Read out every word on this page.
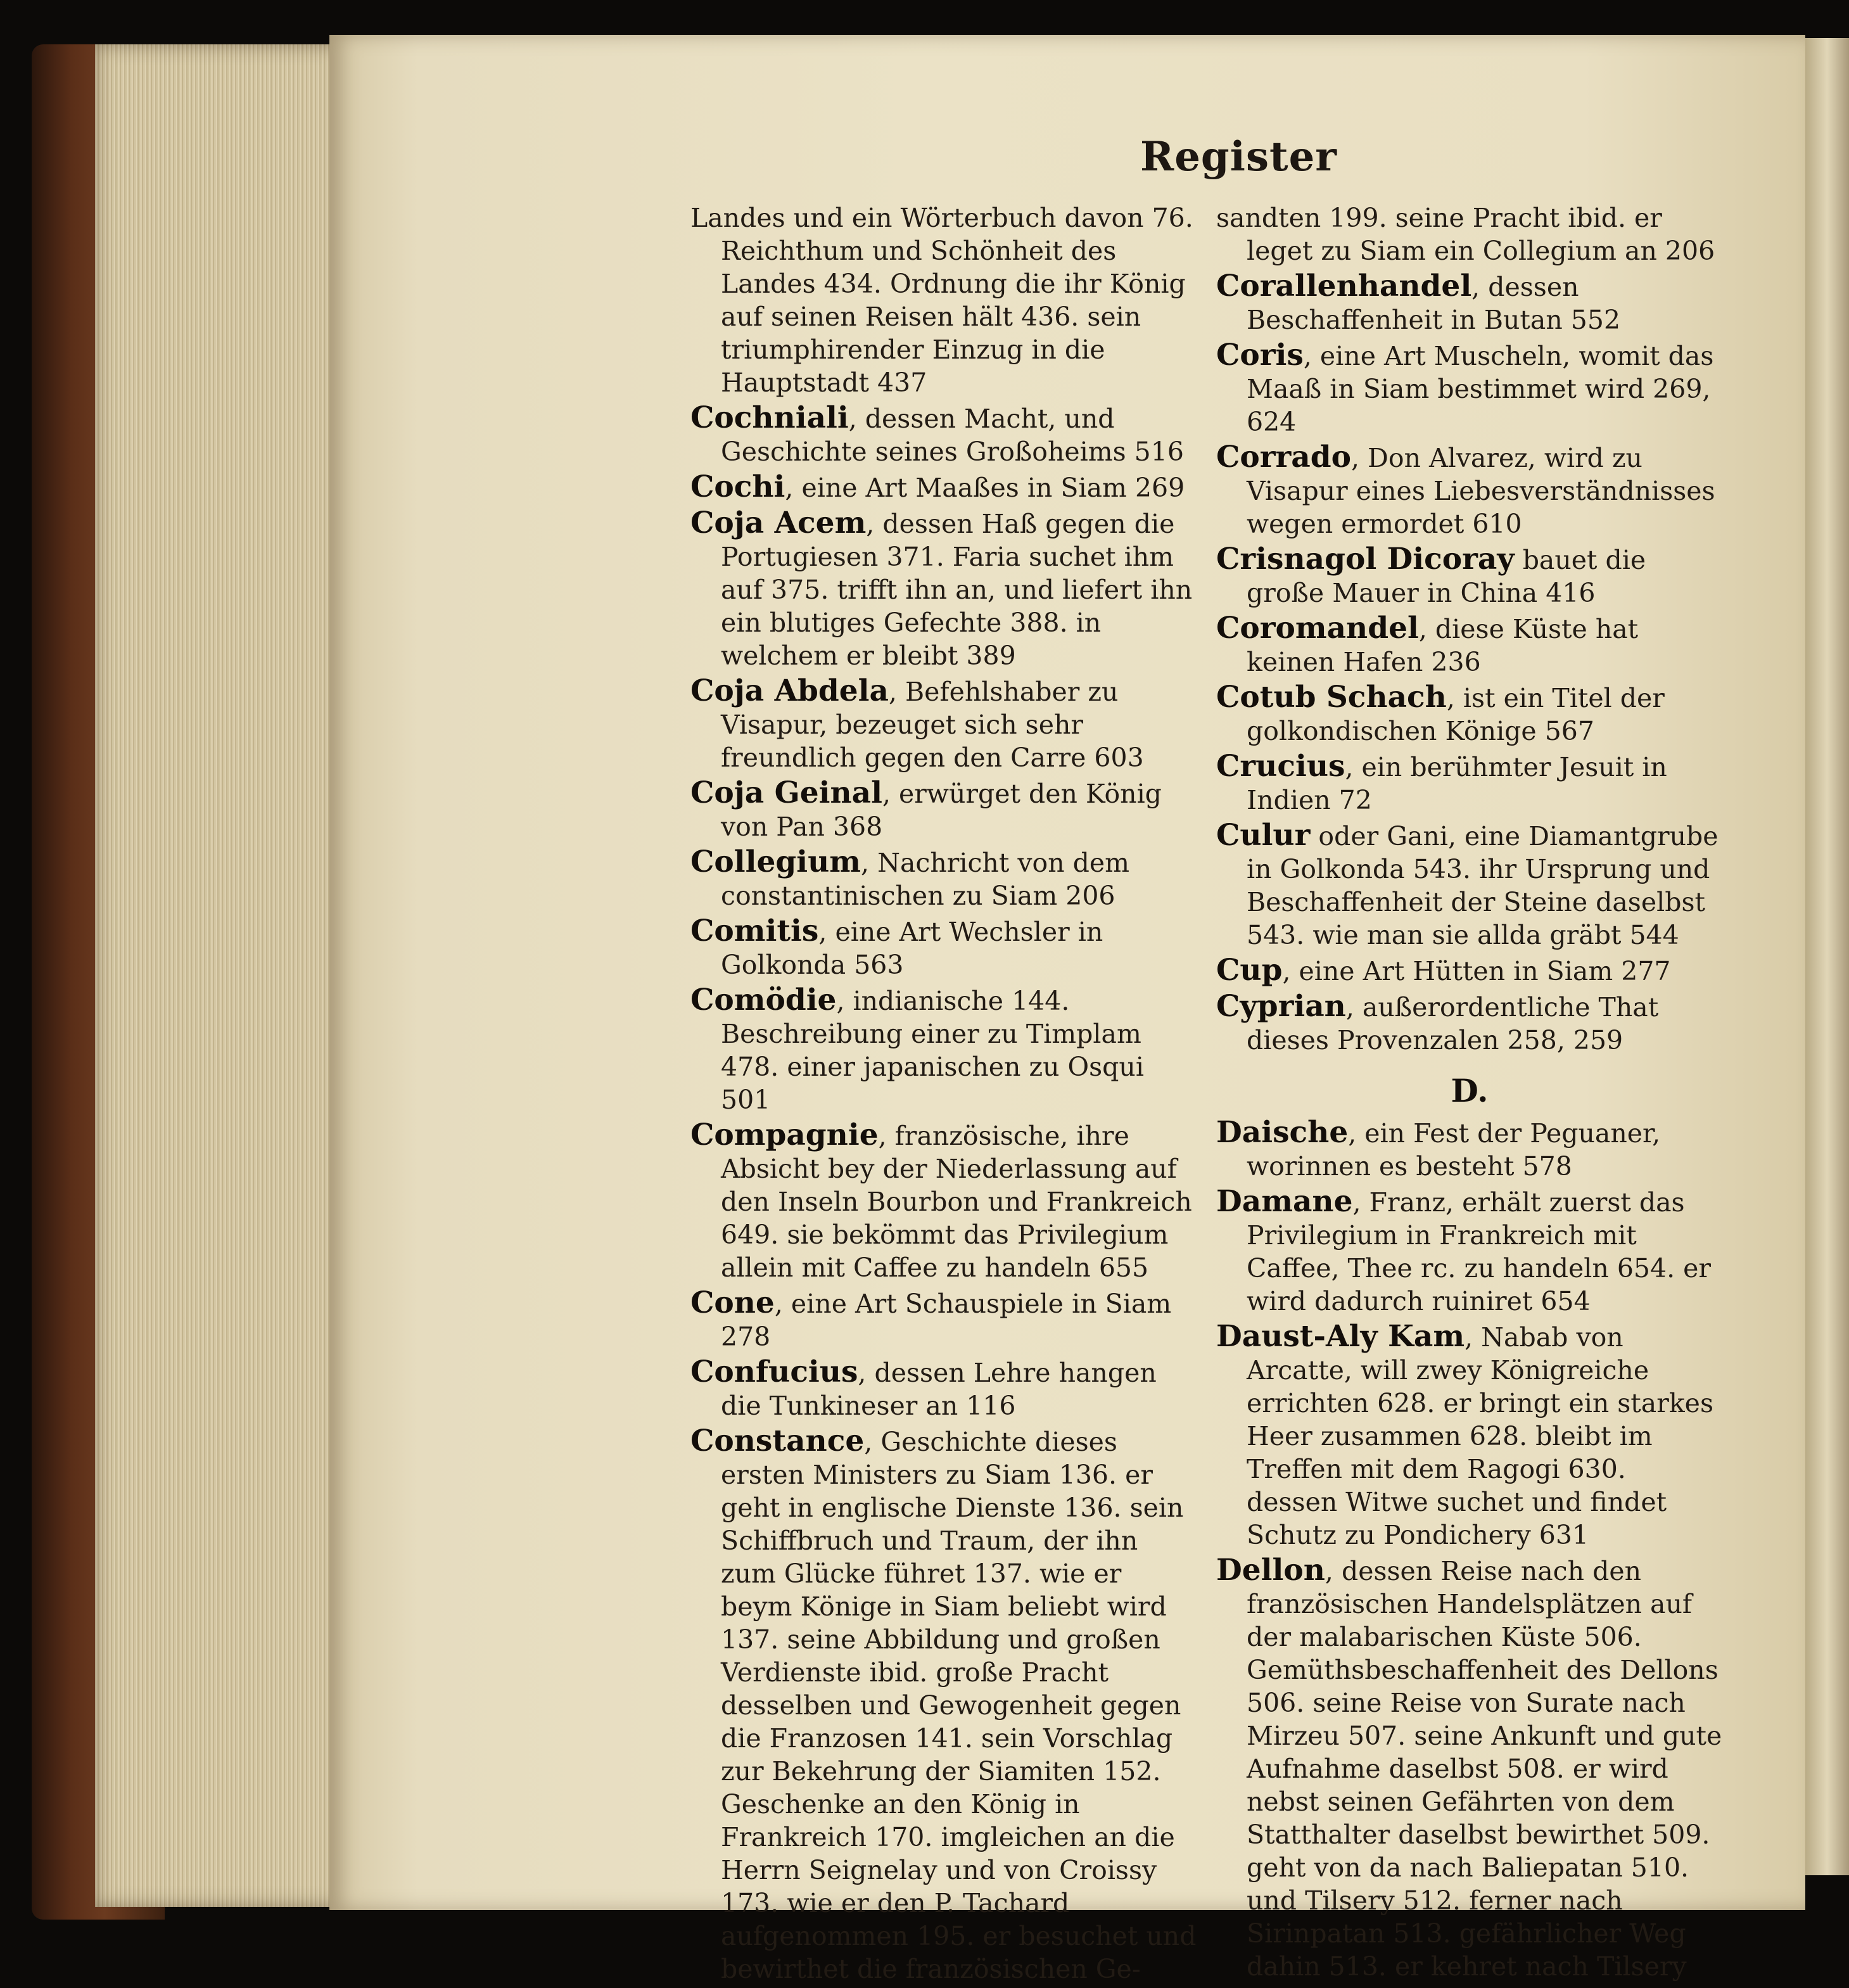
Register
Landes und ein Wörterbuch davon 76. Reichthum und Schönheit des Landes 434. Ordnung die ihr König auf seinen Reisen hält 436. sein triumphirender Einzug in die Hauptstadt 437
Cochniali, dessen Macht, und Geschichte seines Großoheims 516
Cochi, eine Art Maaßes in Siam 269
Coja Acem, dessen Haß gegen die Portugiesen 371. Faria suchet ihm auf 375. trifft ihn an, und liefert ihn ein blutiges Gefechte 388. in welchem er bleibt 389
Coja Abdela, Befehlshaber zu Visapur, bezeuget sich sehr freundlich gegen den Carre 603
Coja Geinal, erwürget den König von Pan 368
Collegium, Nachricht von dem constantinischen zu Siam 206
Comitis, eine Art Wechsler in Golkonda 563
Comödie, indianische 144. Beschreibung einer zu Timplam 478. einer japanischen zu Osqui 501
Compagnie, französische, ihre Absicht bey der Niederlassung auf den Inseln Bourbon und Frankreich 649. sie bekömmt das Privilegium allein mit Caffee zu handeln 655
Cone, eine Art Schauspiele in Siam 278
Confucius, dessen Lehre hangen die Tunkineser an 116
Constance, Geschichte dieses ersten Ministers zu Siam 136. er geht in englische Dienste 136. sein Schiffbruch und Traum, der ihn zum Glücke führet 137. wie er beym Könige in Siam beliebt wird 137. seine Abbildung und großen Verdienste ibid. große Pracht desselben und Gewogenheit gegen die Franzosen 141. sein Vorschlag zur Bekehrung der Siamiten 152. Geschenke an den König in Frankreich 170. imgleichen an die Herrn Seignelay und von Croissy 173. wie er den P. Tachard aufgenommen 195. er besuchet und bewirthet die französischen Ge-
sandten 199. seine Pracht ibid. er leget zu Siam ein Collegium an 206
Corallenhandel, dessen Beschaffenheit in Butan 552
Coris, eine Art Muscheln, womit das Maaß in Siam bestimmet wird 269, 624
Corrado, Don Alvarez, wird zu Visapur eines Liebesverständnisses wegen ermordet 610
Crisnagol Dicoray bauet die große Mauer in China 416
Coromandel, diese Küste hat keinen Hafen 236
Cotub Schach, ist ein Titel der golkondischen Könige 567
Crucius, ein berühmter Jesuit in Indien 72
Culur oder Gani, eine Diamantgrube in Golkonda 543. ihr Ursprung und Beschaffenheit der Steine daselbst 543. wie man sie allda gräbt 544
Cup, eine Art Hütten in Siam 277
Cyprian, außerordentliche That dieses Provenzalen 258, 259
D.
Daische, ein Fest der Peguaner, worinnen es besteht 578
Damane, Franz, erhält zuerst das Privilegium in Frankreich mit Caffee, Thee rc. zu handeln 654. er wird dadurch ruiniret 654
Daust-Aly Kam, Nabab von Arcatte, will zwey Königreiche errichten 628. er bringt ein starkes Heer zusammen 628. bleibt im Treffen mit dem Ragogi 630. dessen Witwe suchet und findet Schutz zu Pondichery 631
Dellon, dessen Reise nach den französischen Handelsplätzen auf der malabarischen Küste 506. Gemüthsbeschaffenheit des Dellons 506. seine Reise von Surate nach Mirzeu 507. seine Ankunft und gute Aufnahme daselbst 508. er wird nebst seinen Gefährten von dem Statthalter daselbst bewirthet 509. geht von da nach Baliepatan 510. und Tilsery 512. ferner nach Sirinpatan 513. gefährlicher Weg dahin 513. er kehret nach Tilsery
